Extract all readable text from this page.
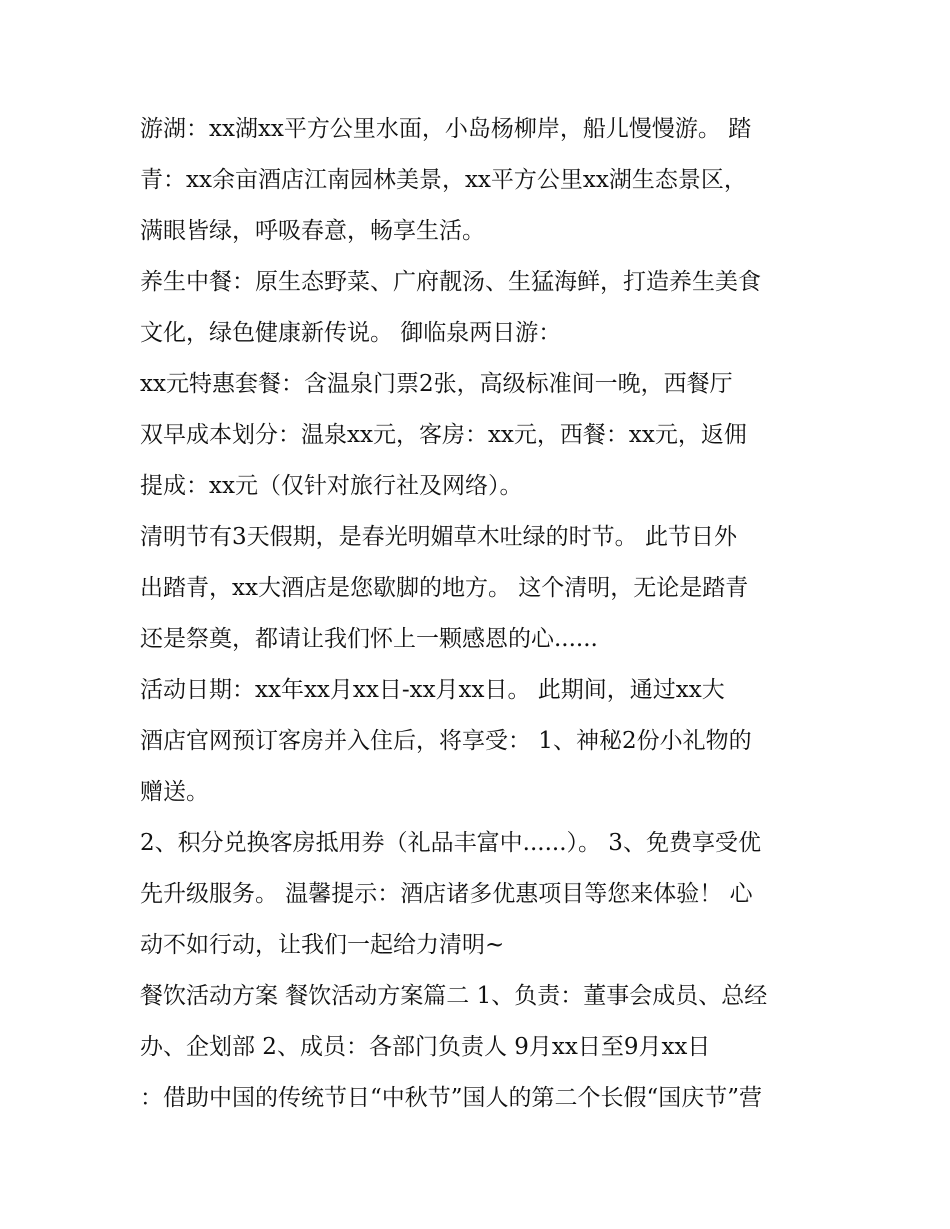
游湖：xx湖xx平方公里水面，小岛杨柳岸，船儿慢慢游。 踏
青：xx余亩酒店江南园林美景，xx平方公里xx湖生态景区，
满眼皆绿，呼吸春意，畅享生活。
养生中餐：原生态野菜、广府靓汤、生猛海鲜，打造养生美食
文化，绿色健康新传说。 御临泉两日游：
xx元特惠套餐：含温泉门票2张，高级标准间一晚，西餐厅
双早成本划分：温泉xx元，客房：xx元，西餐：xx元，返佣
提成：xx元（仅针对旅行社及网络）。
清明节有3天假期，是春光明媚草木吐绿的时节。 此节日外
出踏青，xx大酒店是您歇脚的地方。 这个清明，无论是踏青
还是祭奠，都请让我们怀上一颗感恩的心......
活动日期：xx年xx月xx日-xx月xx日。 此期间，通过xx大
酒店官网预订客房并入住后，将享受： 1、神秘2份小礼物的
赠送。
2、积分兑换客房抵用券（礼品丰富中......）。 3、免费享受优
先升级服务。 温馨提示：酒店诸多优惠项目等您来体验！ 心
动不如行动，让我们一起给力清明~
餐饮活动方案 餐饮活动方案篇二 1、负责：董事会成员、总经
办、企划部 2、成员：各部门负责人 9月xx日至9月xx日
：借助中国的传统节日“中秋节”国人的第二个长假“国庆节”营
